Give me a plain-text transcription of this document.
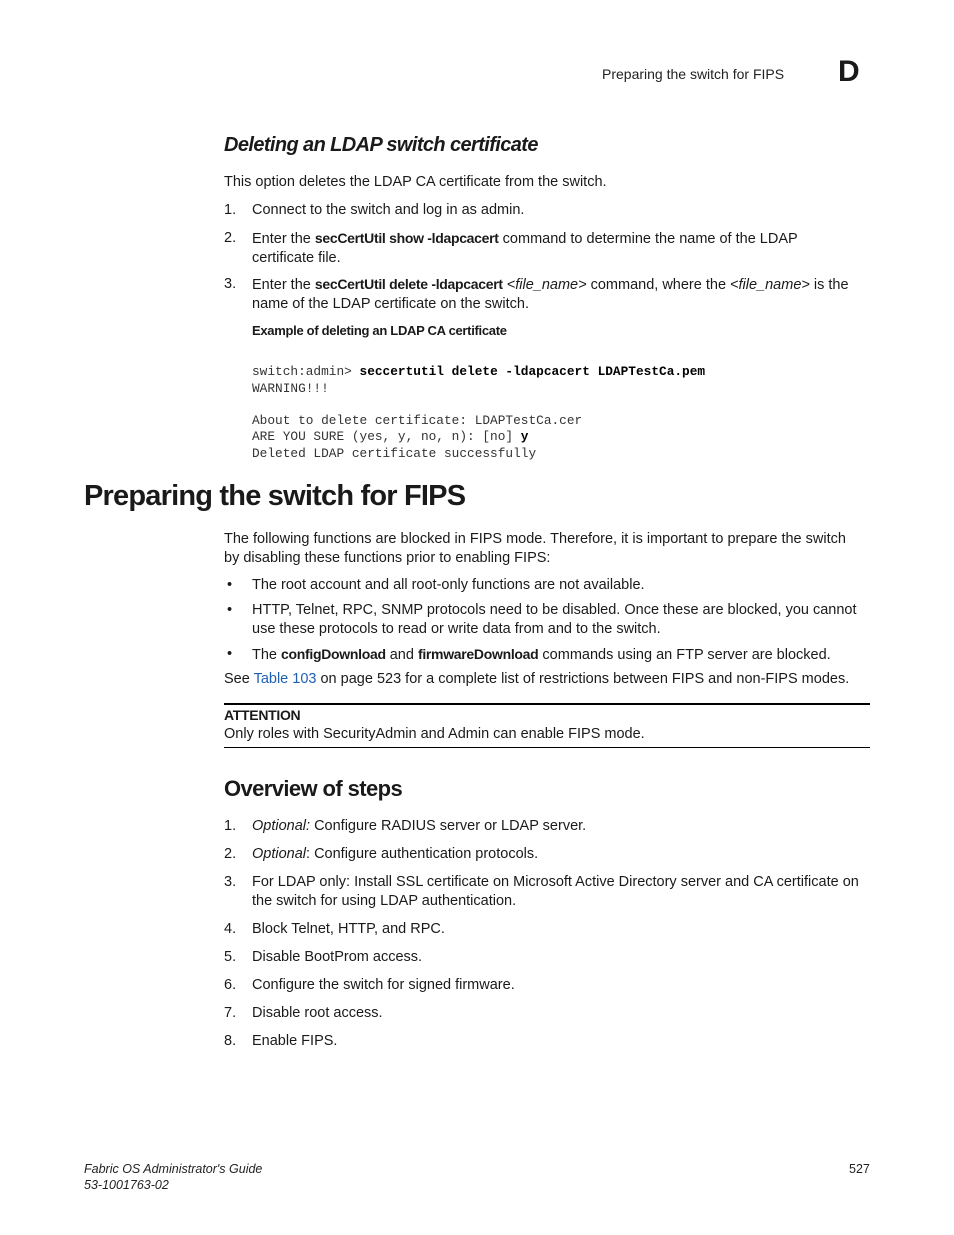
Preparing the switch for FIPS D
Deleting an LDAP switch certificate
This option deletes the LDAP CA certificate from the switch.
1. Connect to the switch and log in as admin.
2. Enter the secCertUtil show -ldapcacert command to determine the name of the LDAP
certificate file.
3. Enter the secCertUtil delete -ldapcacert <file_name> command, where the <file_name> is the
name of the LDAP certificate on the switch.
Example of deleting an LDAP CA certificate

switch:admin> seccertutil delete -ldapcacert LDAPTestCa.pem
WARNING!!!

About to delete certificate: LDAPTestCa.cer
ARE YOU SURE (yes, y, no, n): [no] y
Deleted LDAP certificate successfully

Preparing the switch for FIPS
The following functions are blocked in FIPS mode. Therefore, it is important to prepare the switch
by disabling these functions prior to enabling FIPS:
• The root account and all root-only functions are not available.
• HTTP, Telnet, RPC, SNMP protocols need to be disabled. Once these are blocked, you cannot
use these protocols to read or write data from and to the switch.
• The configDownload and firmwareDownload commands using an FTP server are blocked.
See Table 103 on page 523 for a complete list of restrictions between FIPS and non-FIPS modes.
ATTENTION
Only roles with SecurityAdmin and Admin can enable FIPS mode.
Overview of steps
1. Optional: Configure RADIUS server or LDAP server.
2. Optional: Configure authentication protocols.
3. For LDAP only: Install SSL certificate on Microsoft Active Directory server and CA certificate on
the switch for using LDAP authentication.
4. Block Telnet, HTTP, and RPC.
5. Disable BootProm access.
6. Configure the switch for signed firmware.
7. Disable root access.
8. Enable FIPS.
Fabric OS Administrator's Guide
53-1001763-02
527
